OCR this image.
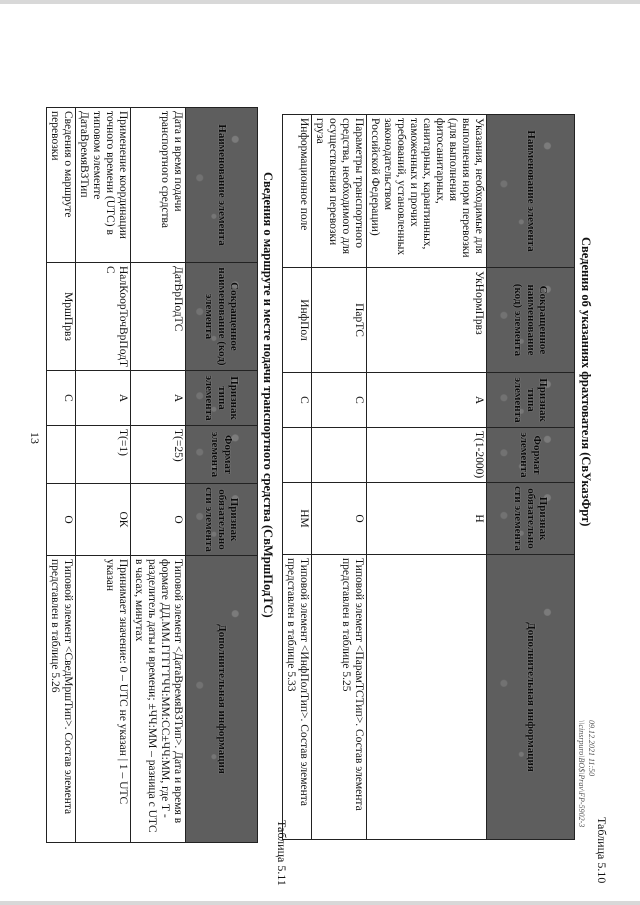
13
Таблица 5.10
Сведения об указаниях фрахтователя (СвУказФрт)
Наименование элемента	Сокращенное наименование (код) элемента	Признак типа элемента	Формат элемента	Признак обязательности элемента	Дополнительная информация
Указания, необходимые для выполнения норм перевозки (для выполнения фитосанитарных, санитарных, карантинных, таможенных и прочих требований, установленных законодательством Российской Федерации)	УкНормПрвз	А	T(1-2000)	Н	
Параметры транспортного средства, необходимого для осуществления перевозки груза	ПарТС	С		О	Типовой элемент <ПарамТСТип>. Состав элемента представлен в таблице 5.25
Информационное поле	ИнфПол	С		НМ	Типовой элемент <ИнфПолТип>. Состав элемента представлен в таблице 5.33
Таблица 5.11
Сведения о маршруте и месте подачи транспортного средства (СвМршПодТС)
Наименование элемента	Сокращенное наименование (код) элемента	Признак типа элемента	Формат элемента	Признак обязательности элемента	Дополнительная информация
Дата и время подачи транспортного средства	ДатВрПодТС	А	T(=25)	О	Типовой элемент <ДатаВремяВЗТип>. Дата и время в формате ДД.ММ.ГГГГТЧЧ:ММ:СС±ЧЧ:ММ, где Т - разделитель даты и времени; ±ЧЧ:ММ – разница с UTC в часах, минутах
Применение координации точного времени (UTC) в типовом элементе ДатаВремяВЗТип	НалКоорТочВрПодТС	А	T(=1)	ОК	Принимает значение: 0 – UTC не указан | 1 – UTC указан
Сведения о маршруте перевозки	МршПрвз	С		О	Типовой элемент <СведМршТип>. Состав элемента представлен в таблице 5.26
09.12.2021 11:50
\\cinsrpuro\BO$\Prav\FP-5902-3
